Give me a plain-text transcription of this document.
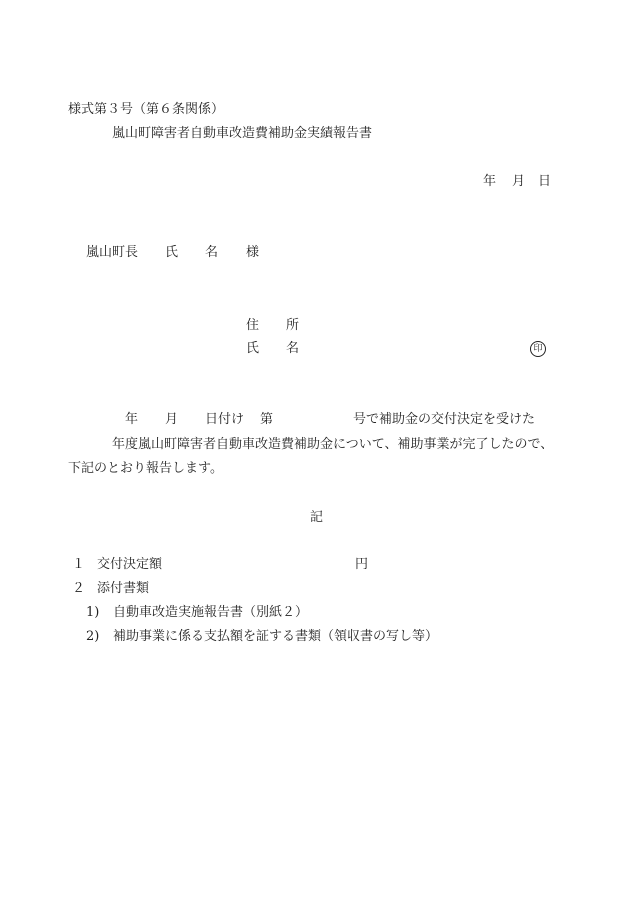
様式第３号（第６条関係）
嵐山町障害者自動車改造費補助金実績報告書
年 月 日
嵐山町長 氏 名 様
住 所
氏 名	印
年 月 日付け 第	号で補助金の交付決定を受けた
年度嵐山町障害者自動車改造費補助金について、補助事業が完了したので、
下記のとおり報告します。
記
１ 交付決定額	円
２ 添付書類
1) 自動車改造実施報告書（別紙２）
2) 補助事業に係る支払額を証する書類（領収書の写し等）
